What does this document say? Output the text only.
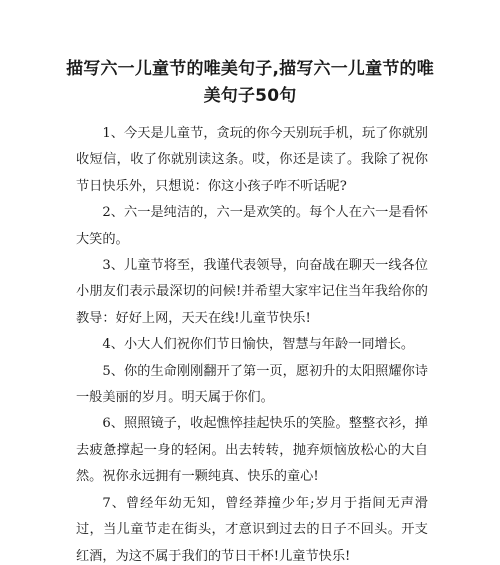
描写六一儿童节的唯美句子,描写六一儿童节的唯美句子50句

1、今天是儿童节，贪玩的你今天别玩手机，玩了你就别收短信，收了你就别读这条。哎，你还是读了。我除了祝你节日快乐外，只想说：你这小孩子咋不听话呢?

2、六一是纯洁的，六一是欢笑的。每个人在六一是看怀大笑的。

3、儿童节将至，我谨代表领导，向奋战在聊天一线各位小朋友们表示最深切的问候!并希望大家牢记住当年我给你的教导：好好上网，天天在线!儿童节快乐!

4、小大人们祝你们节日愉快，智慧与年龄一同增长。

5、你的生命刚刚翻开了第一页，愿初升的太阳照耀你诗一般美丽的岁月。明天属于你们。

6、照照镜子，收起憔悴挂起快乐的笑脸。整整衣衫，掸去疲惫撑起一身的轻闲。出去转转，抛弃烦恼放松心的大自然。祝你永远拥有一颗纯真、快乐的童心!

7、曾经年幼无知，曾经莽撞少年;岁月于指间无声滑过，当儿童节走在街头，才意识到过去的日子不回头。开支红酒，为这不属于我们的节日干杯!儿童节快乐!
